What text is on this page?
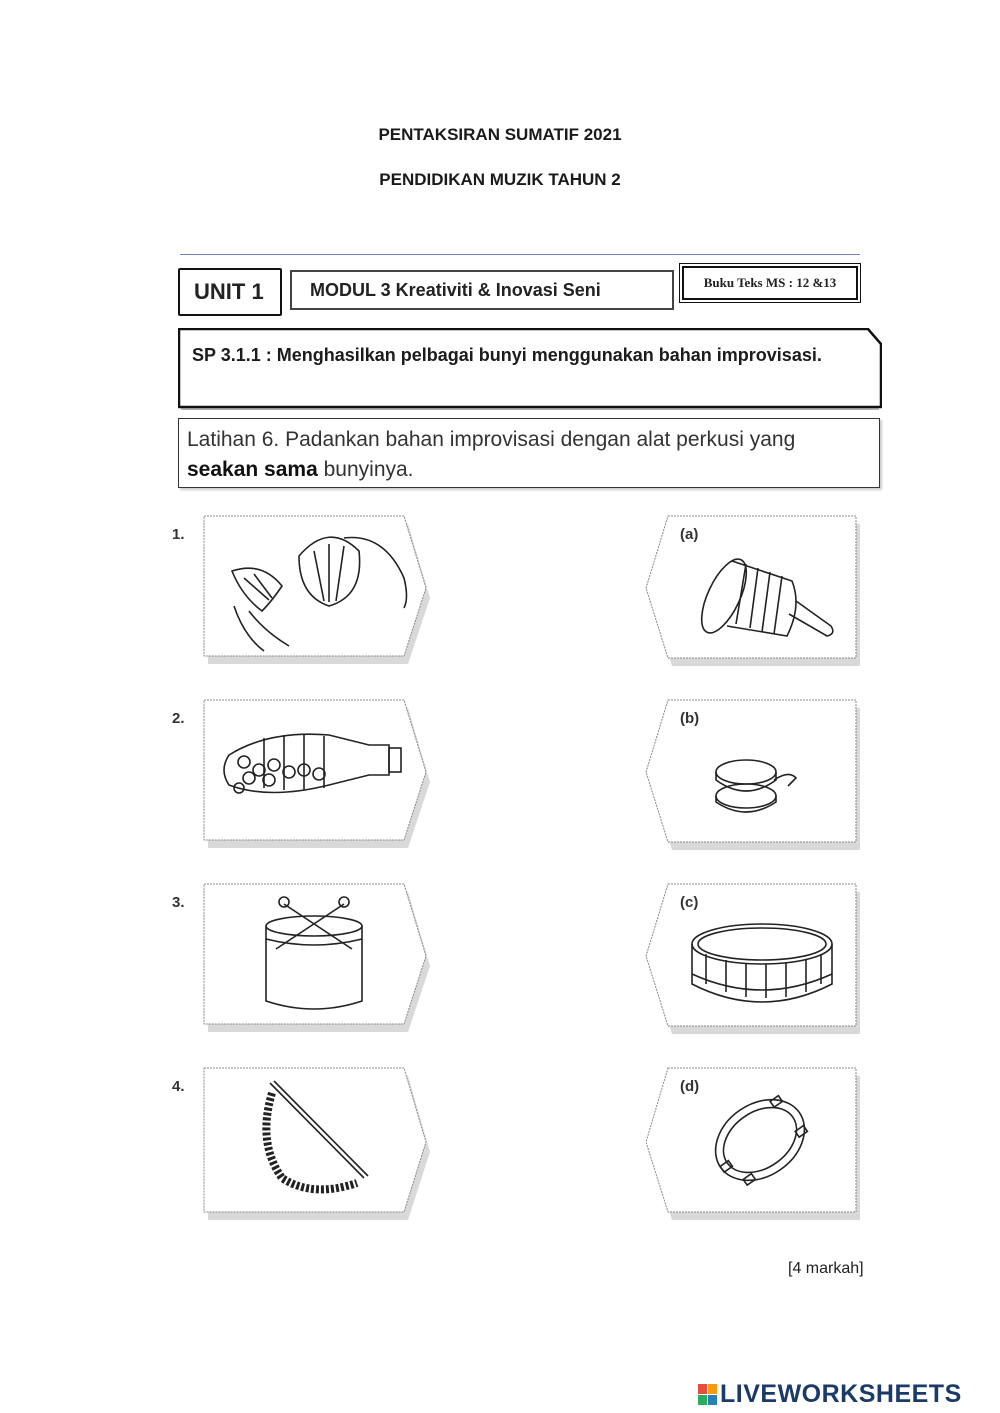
PENTAKSIRAN SUMATIF 2021
PENDIDIKAN MUZIK TAHUN 2
UNIT 1	MODUL 3 Kreativiti & Inovasi Seni	Buku Teks MS : 12 &13
SP 3.1.1 : Menghasilkan pelbagai bunyi menggunakan bahan improvisasi.
Latihan 6. Padankan bahan improvisasi dengan alat perkusi yang seakan sama bunyinya.
1.
2.
3.
4.
(a)
(b)
(c)
(d)
[4 markah]
LIVEWORKSHEETS
